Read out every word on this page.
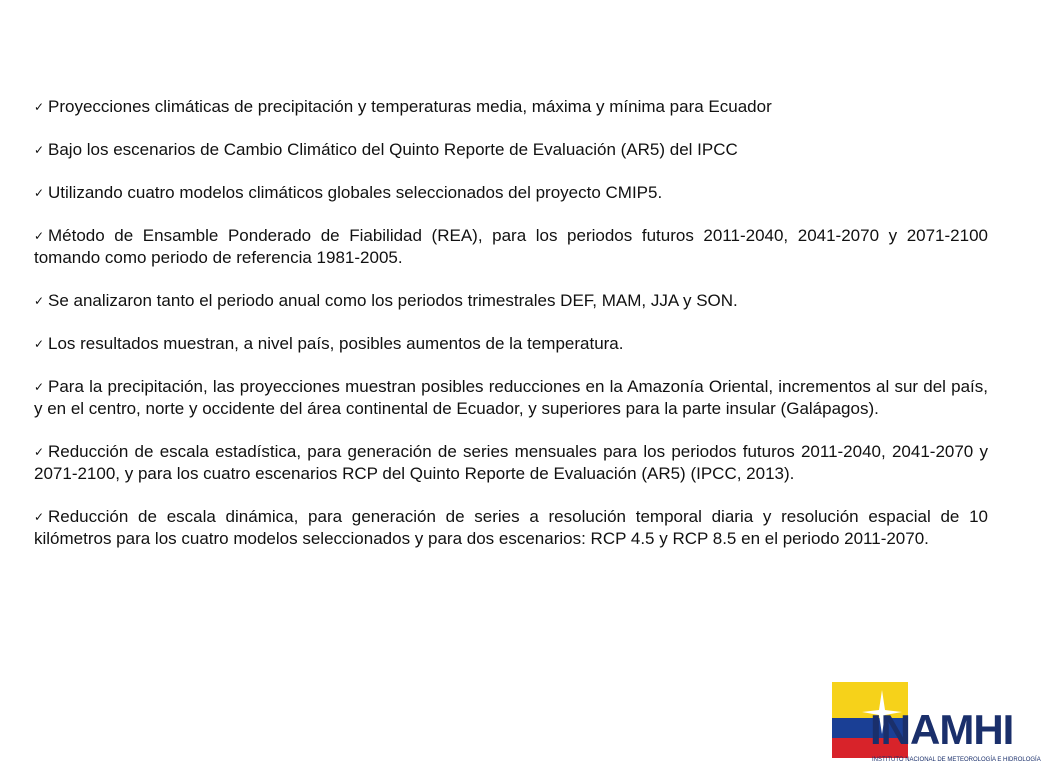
✓ Proyecciones climáticas de precipitación y temperaturas media, máxima y mínima para Ecuador

✓ Bajo los escenarios de Cambio Climático del Quinto Reporte de Evaluación (AR5) del IPCC

✓ Utilizando cuatro modelos climáticos globales seleccionados del proyecto CMIP5.

✓ Método de Ensamble Ponderado de Fiabilidad (REA), para los periodos futuros 2011-2040, 2041-2070 y 2071-2100 tomando como periodo de referencia 1981-2005.

✓ Se analizaron tanto el periodo anual como los periodos trimestrales DEF, MAM, JJA y SON.

✓ Los resultados muestran, a nivel país, posibles aumentos de la temperatura.

✓ Para la precipitación, las proyecciones muestran posibles reducciones en la Amazonía Oriental, incrementos al sur del país, y en el centro, norte y occidente del área continental de Ecuador, y superiores para la parte insular (Galápagos).

✓ Reducción de escala estadística, para generación de series mensuales para los periodos futuros 2011-2040, 2041-2070 y 2071-2100, y para los cuatro escenarios RCP del Quinto Reporte de Evaluación (AR5) (IPCC, 2013).

✓ Reducción de escala dinámica, para generación de series a resolución temporal diaria y resolución espacial de 10 kilómetros para los cuatro modelos seleccionados y para dos escenarios: RCP 4.5 y RCP 8.5 en el periodo 2011-2070.

INAMHI
INSTITUTO NACIONAL DE METEOROLOGÍA E HIDROLOGÍA
